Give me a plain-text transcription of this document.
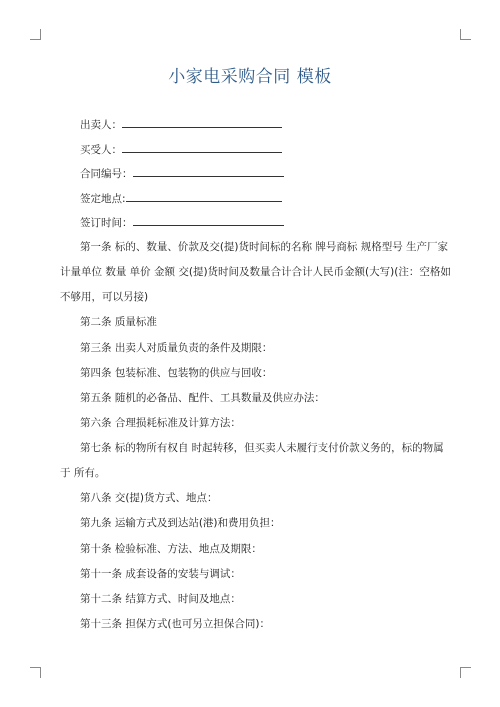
小家电采购合同 模板
出卖人：
买受人：
合同编号：
签定地点:
签订时间：
第一条 标的、数量、价款及交(提)货时间标的名称 牌号商标 规格型号 生产厂家
计量单位 数量 单价 金额 交(提)货时间及数量合计合计人民币金额(大写)(注：空格如
不够用，可以另接)
第二条 质量标准
第三条 出卖人对质量负责的条件及期限：
第四条 包装标准、包装物的供应与回收：
第五条 随机的必备品、配件、工具数量及供应办法：
第六条 合理损耗标准及计算方法：
第七条 标的物所有权自 时起转移，但买卖人未履行支付价款义务的，标的物属
于 所有。
第八条 交(提)货方式、地点：
第九条 运输方式及到达站(港)和费用负担：
第十条 检验标准、方法、地点及期限：
第十一条 成套设备的安装与调试：
第十二条 结算方式、时间及地点：
第十三条 担保方式(也可另立担保合同)：
